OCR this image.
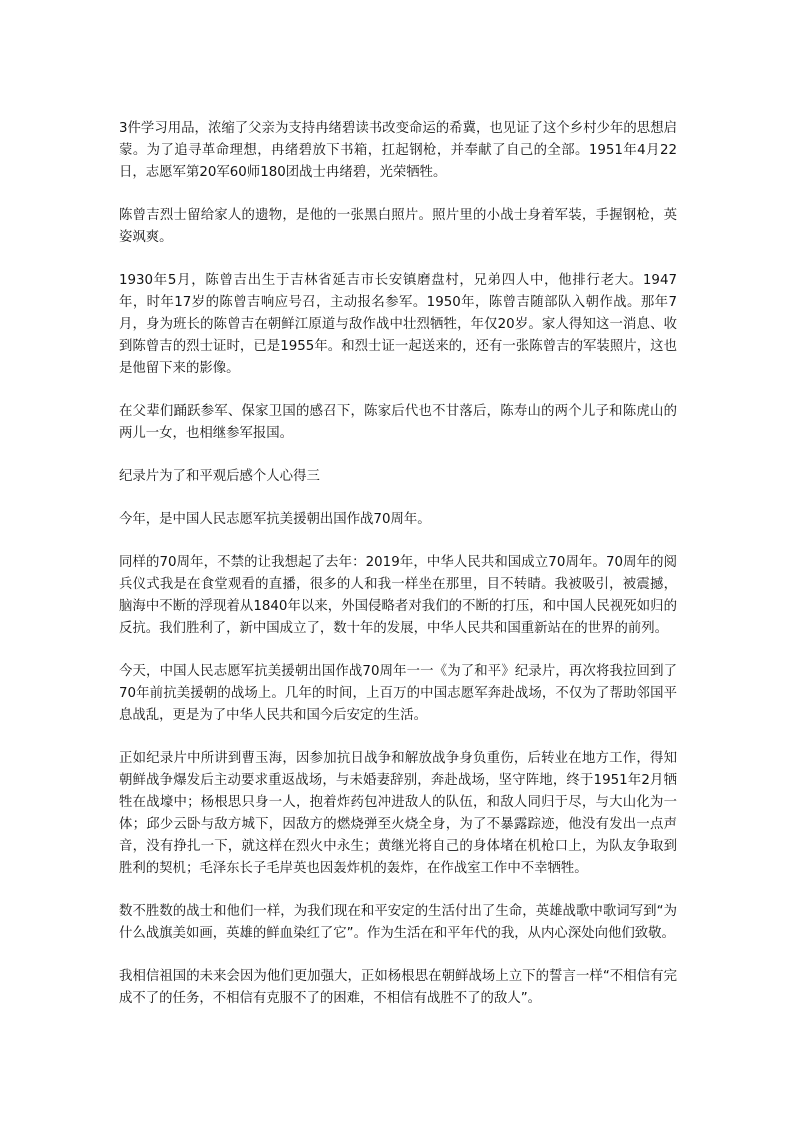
3件学习用品，浓缩了父亲为支持冉绪碧读书改变命运的希冀，也见证了这个乡村少年的思想启蒙。为了追寻革命理想，冉绪碧放下书箱，扛起钢枪，并奉献了自己的全部。1951年4月22日，志愿军第20军60师180团战士冉绪碧，光荣牺牲。

陈曾吉烈士留给家人的遗物，是他的一张黑白照片。照片里的小战士身着军装，手握钢枪，英姿飒爽。

1930年5月，陈曾吉出生于吉林省延吉市长安镇磨盘村，兄弟四人中，他排行老大。1947年，时年17岁的陈曾吉响应号召，主动报名参军。1950年，陈曾吉随部队入朝作战。那年7月，身为班长的陈曾吉在朝鲜江原道与敌作战中壮烈牺牲，年仅20岁。家人得知这一消息、收到陈曾吉的烈士证时，已是1955年。和烈士证一起送来的，还有一张陈曾吉的军装照片，这也是他留下来的影像。

在父辈们踊跃参军、保家卫国的感召下，陈家后代也不甘落后，陈寿山的两个儿子和陈虎山的两儿一女，也相继参军报国。

纪录片为了和平观后感个人心得三

今年，是中国人民志愿军抗美援朝出国作战70周年。

同样的70周年，不禁的让我想起了去年：2019年，中华人民共和国成立70周年。70周年的阅兵仪式我是在食堂观看的直播，很多的人和我一样坐在那里，目不转睛。我被吸引，被震撼，脑海中不断的浮现着从1840年以来，外国侵略者对我们的不断的打压，和中国人民视死如归的反抗。我们胜利了，新中国成立了，数十年的发展，中华人民共和国重新站在的世界的前列。

今天，中国人民志愿军抗美援朝出国作战70周年一一《为了和平》纪录片，再次将我拉回到了70年前抗美援朝的战场上。几年的时间，上百万的中国志愿军奔赴战场，不仅为了帮助邻国平息战乱，更是为了中华人民共和国今后安定的生活。

正如纪录片中所讲到曹玉海，因参加抗日战争和解放战争身负重伤，后转业在地方工作，得知朝鲜战争爆发后主动要求重返战场，与未婚妻辞别，奔赴战场，坚守阵地，终于1951年2月牺牲在战壕中；杨根思只身一人，抱着炸药包冲进敌人的队伍，和敌人同归于尽，与大山化为一体；邱少云卧与敌方城下，因敌方的燃烧弹至火烧全身，为了不暴露踪迹，他没有发出一点声音，没有挣扎一下，就这样在烈火中永生；黄继光将自己的身体堵在机枪口上，为队友争取到胜利的契机；毛泽东长子毛岸英也因轰炸机的轰炸，在作战室工作中不幸牺牲。

数不胜数的战士和他们一样，为我们现在和平安定的生活付出了生命，英雄战歌中歌词写到“为什么战旗美如画，英雄的鲜血染红了它”。作为生活在和平年代的我，从内心深处向他们致敬。

我相信祖国的未来会因为他们更加强大，正如杨根思在朝鲜战场上立下的誓言一样“不相信有完成不了的任务，不相信有克服不了的困难，不相信有战胜不了的敌人”。
